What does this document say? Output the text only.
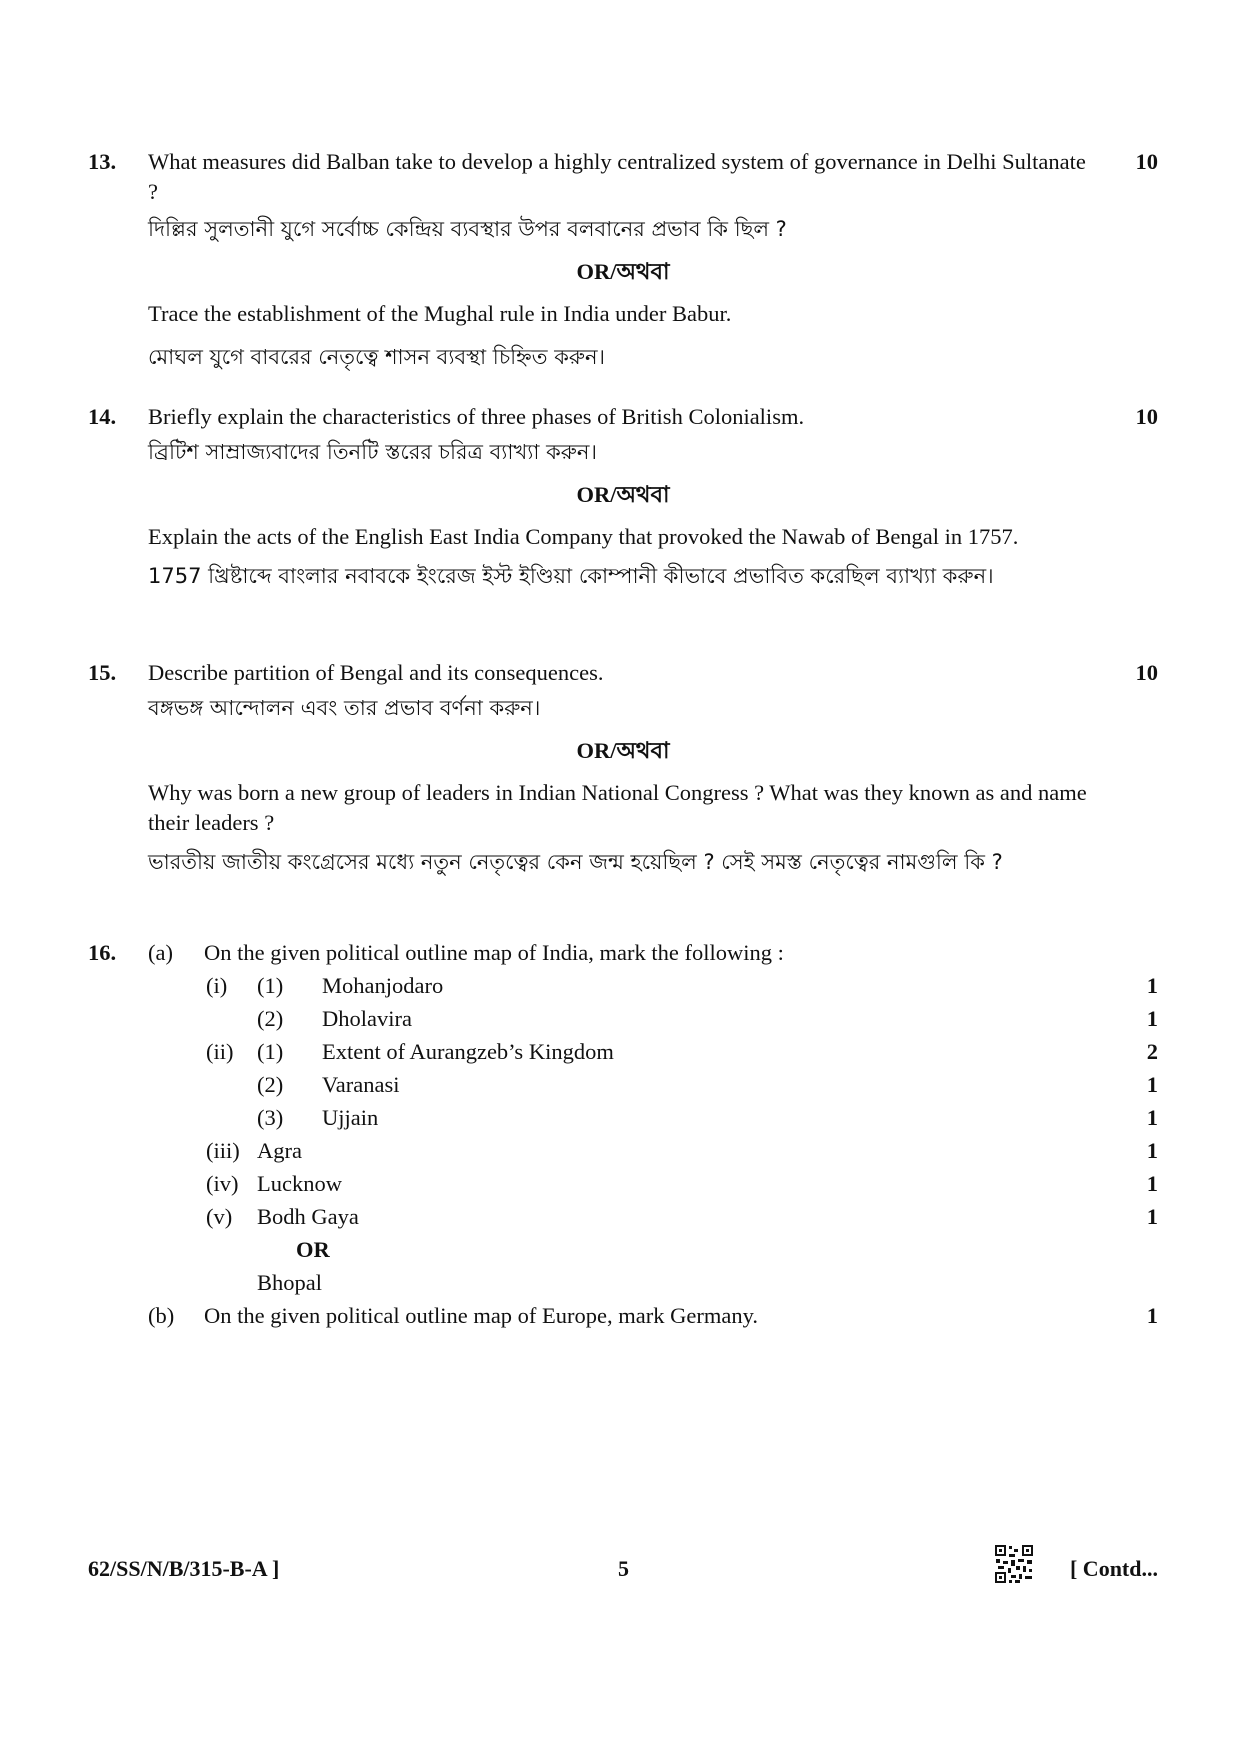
13.	10

What measures did Balban take to develop a highly centralized system of governance in Delhi Sultanate ?

দিল্লির সুলতানী যুগে সর্বোচ্চ কেন্দ্রিয় ব্যবস্থার উপর বলবানের প্রভাব কি ছিল ?

OR/অথবা

Trace the establishment of the Mughal rule in India under Babur.

মোঘল যুগে বাবরের নেতৃত্বে শাসন ব্যবস্থা চিহ্নিত করুন।

14.	10

Briefly explain the characteristics of three phases of British Colonialism.

ব্রিটিশ সাম্রাজ্যবাদের তিনটি স্তরের চরিত্র ব্যাখ্যা করুন।

OR/অথবা

Explain the acts of the English East India Company that provoked the Nawab of Bengal in 1757.

1757 খ্রিষ্টাব্দে বাংলার নবাবকে ইংরেজ ইস্ট ইণ্ডিয়া কোম্পানী কীভাবে প্রভাবিত করেছিল ব্যাখ্যা করুন।

15.	10

Describe partition of Bengal and its consequences.

বঙ্গভঙ্গ আন্দোলন এবং তার প্রভাব বর্ণনা করুন।

OR/অথবা

Why was born a new group of leaders in Indian National Congress ? What was they known as and name their leaders ?

ভারতীয় জাতীয় কংগ্রেসের মধ্যে নতুন নেতৃত্বের কেন জন্ম হয়েছিল ? সেই সমস্ত নেতৃত্বের নামগুলি কি ?

16. (a) On the given political outline map of India, mark the following :
(i) (1) Mohanjodaro	1
(2) Dholavira	1
(ii) (1) Extent of Aurangzeb’s Kingdom	2
(2) Varanasi	1
(3) Ujjain	1
(iii) Agra	1
(iv) Lucknow	1
(v) Bodh Gaya	1
OR
Bhopal
(b) On the given political outline map of Europe, mark Germany.	1
62/SS/N/B/315-B-A ]	5	[ Contd...
